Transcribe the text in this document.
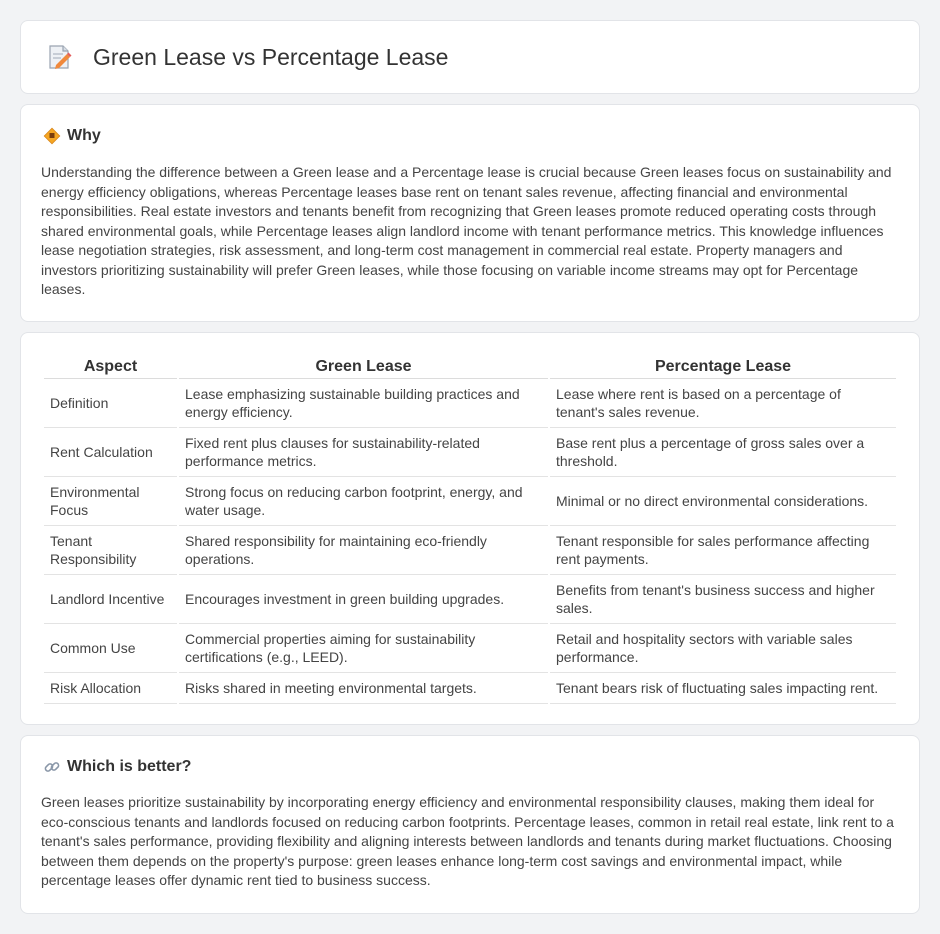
Green Lease vs Percentage Lease
Why

Understanding the difference between a Green lease and a Percentage lease is crucial because Green leases focus on sustainability and energy efficiency obligations, whereas Percentage leases base rent on tenant sales revenue, affecting financial and environmental responsibilities. Real estate investors and tenants benefit from recognizing that Green leases promote reduced operating costs through shared environmental goals, while Percentage leases align landlord income with tenant performance metrics. This knowledge influences lease negotiation strategies, risk assessment, and long-term cost management in commercial real estate. Property managers and investors prioritizing sustainability will prefer Green leases, while those focusing on variable income streams may opt for Percentage leases.

Aspect	Green Lease	Percentage Lease
Definition	Lease emphasizing sustainable building practices and energy efficiency.	Lease where rent is based on a percentage of tenant's sales revenue.
Rent Calculation	Fixed rent plus clauses for sustainability-related performance metrics.	Base rent plus a percentage of gross sales over a threshold.
Environmental Focus	Strong focus on reducing carbon footprint, energy, and water usage.	Minimal or no direct environmental considerations.
Tenant Responsibility	Shared responsibility for maintaining eco-friendly operations.	Tenant responsible for sales performance affecting rent payments.
Landlord Incentive	Encourages investment in green building upgrades.	Benefits from tenant's business success and higher sales.
Common Use	Commercial properties aiming for sustainability certifications (e.g., LEED).	Retail and hospitality sectors with variable sales performance.
Risk Allocation	Risks shared in meeting environmental targets.	Tenant bears risk of fluctuating sales impacting rent.
Which is better?

Green leases prioritize sustainability by incorporating energy efficiency and environmental responsibility clauses, making them ideal for eco-conscious tenants and landlords focused on reducing carbon footprints. Percentage leases, common in retail real estate, link rent to a tenant's sales performance, providing flexibility and aligning interests between landlords and tenants during market fluctuations. Choosing between them depends on the property's purpose: green leases enhance long-term cost savings and environmental impact, while percentage leases offer dynamic rent tied to business success.
